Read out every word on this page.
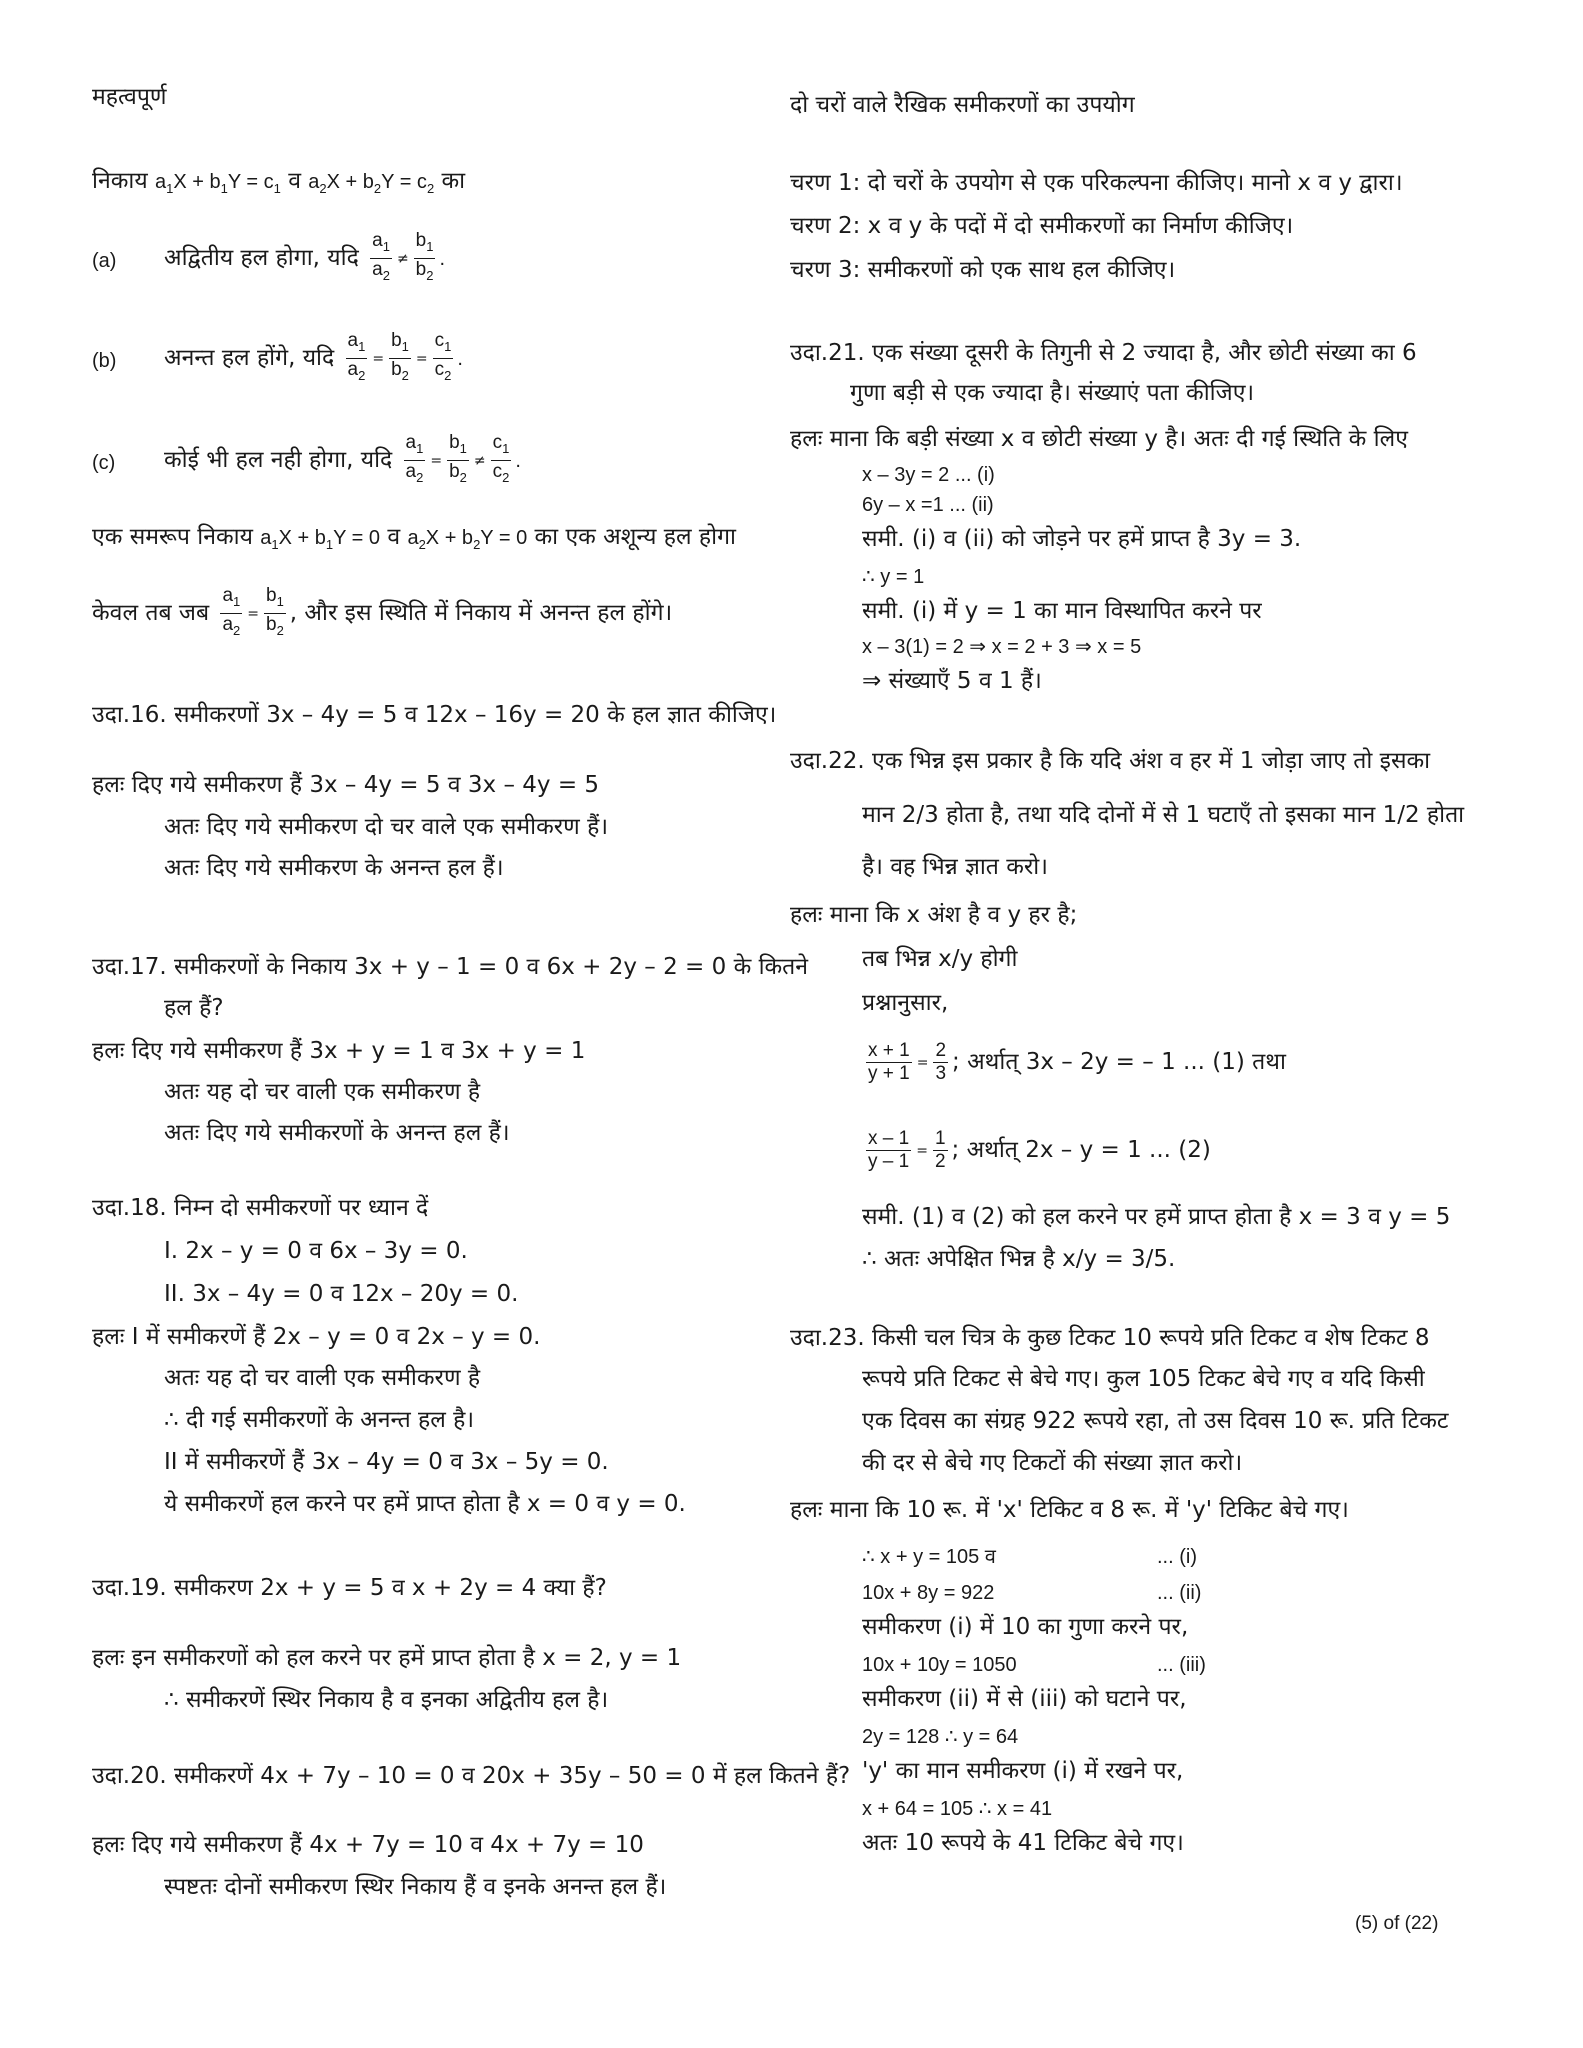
महत्वपूर्ण
निकाय $a_1X + b_1Y = c_1$ व $a_2X + b_2Y = c_2$ का
(a) अद्वितीय हल होगा, यदि $\frac{a_1}{a_2} \ne \frac{b_1}{b_2}$ .
(b) अनन्त हल होंगे, यदि $\frac{a_1}{a_2} = \frac{b_1}{b_2} = \frac{c_1}{c_2}$ .
(c) कोई भी हल नही होगा, यदि $\frac{a_1}{a_2} = \frac{b_1}{b_2} \ne \frac{c_1}{c_2}$ .
एक समरूप निकाय $a_1X + b_1Y = 0$ व $a_2X + b_2Y = 0$ का एक अशून्य हल होगा
केवल तब जब $\frac{a_1}{a_2} = \frac{b_1}{b_2}$ , और इस स्थिति में निकाय में अनन्त हल होंगे।
उदा.16. समीकरणों 3x – 4y = 5 व 12x – 16y = 20 के हल ज्ञात कीजिए।
हलः दिए गये समीकरण हैं 3x – 4y = 5 व 3x – 4y = 5
अतः दिए गये समीकरण दो चर वाले एक समीकरण हैं।
अतः दिए गये समीकरण के अनन्त हल हैं।
उदा.17. समीकरणों के निकाय 3x + y – 1 = 0 व 6x + 2y – 2 = 0 के कितने
हल हैं?
हलः दिए गये समीकरण हैं 3x + y = 1 व 3x + y = 1
अतः यह दो चर वाली एक समीकरण है
अतः दिए गये समीकरणों के अनन्त हल हैं।
उदा.18. निम्न दो समीकरणों पर ध्यान दें
I. 2x – y = 0 व 6x – 3y = 0.
II. 3x – 4y = 0 व 12x – 20y = 0.
हलः I में समीकरणें हैं 2x – y = 0 व 2x – y = 0.
अतः यह दो चर वाली एक समीकरण है
∴ दी गई समीकरणों के अनन्त हल है।
II में समीकरणें हैं 3x – 4y = 0 व 3x – 5y = 0.
ये समीकरणें हल करने पर हमें प्राप्त होता है x = 0 व y = 0.
उदा.19. समीकरण 2x + y = 5 व x + 2y = 4 क्या हैं?
हलः इन समीकरणों को हल करने पर हमें प्राप्त होता है x = 2, y = 1
∴ समीकरणें स्थिर निकाय है व इनका अद्वितीय हल है।
उदा.20. समीकरणें 4x + 7y – 10 = 0 व 20x + 35y – 50 = 0 में हल कितने हैं?
हलः दिए गये समीकरण हैं 4x + 7y = 10 व 4x + 7y = 10
स्पष्टतः दोनों समीकरण स्थिर निकाय हैं व इनके अनन्त हल हैं।
दो चरों वाले रैखिक समीकरणों का उपयोग
चरण 1: दो चरों के उपयोग से एक परिकल्पना कीजिए। मानो x व y द्वारा।
चरण 2: x व y के पदों में दो समीकरणों का निर्माण कीजिए।
चरण 3: समीकरणों को एक साथ हल कीजिए।
उदा.21. एक संख्या दूसरी के तिगुनी से 2 ज्यादा है, और छोटी संख्या का 6
गुणा बड़ी से एक ज्यादा है। संख्याएं पता कीजिए।
हलः माना कि बड़ी संख्या x व छोटी संख्या y है। अतः दी गई स्थिति के लिए
x – 3y = 2 ... (i)
6y – x =1 ... (ii)
समी. (i) व (ii) को जोड़ने पर हमें प्राप्त है 3y = 3.
∴ y = 1
समी. (i) में y = 1 का मान विस्थापित करने पर
x – 3(1) = 2 ⇒ x = 2 + 3 ⇒ x = 5
⇒ संख्याएँ 5 व 1 हैं।
उदा.22. एक भिन्न इस प्रकार है कि यदि अंश व हर में 1 जोड़ा जाए तो इसका
मान 2/3 होता है, तथा यदि दोनों में से 1 घटाएँ तो इसका मान 1/2 होता
है। वह भिन्न ज्ञात करो।
हलः माना कि x अंश है व y हर है;
तब भिन्न x/y होगी
प्रश्नानुसार,
$\frac{x + 1}{y + 1} = \frac{2}{3}$ ; अर्थात् 3x – 2y = – 1 ... (1) तथा
$\frac{x - 1}{y - 1} = \frac{1}{2}$ ; अर्थात् 2x – y = 1 ... (2)
समी. (1) व (2) को हल करने पर हमें प्राप्त होता है x = 3 व y = 5
∴ अतः अपेक्षित भिन्न है x/y = 3/5.
उदा.23. किसी चल चित्र के कुछ टिकट 10 रूपये प्रति टिकट व शेष टिकट 8
रूपये प्रति टिकट से बेचे गए। कुल 105 टिकट बेचे गए व यदि किसी
एक दिवस का संग्रह 922 रूपये रहा, तो उस दिवस 10 रू. प्रति टिकट
की दर से बेचे गए टिकटों की संख्या ज्ञात करो।
हलः माना कि 10 रू. में 'x' टिकिट व 8 रू. में 'y' टिकिट बेचे गए।
∴ x + y = 105 व	... (i)
10x + 8y = 922	... (ii)
समीकरण (i) में 10 का गुणा करने पर,
10x + 10y = 1050	... (iii)
समीकरण (ii) में से (iii) को घटाने पर,
2y = 128 ∴ y = 64
'y' का मान समीकरण (i) में रखने पर,
x + 64 = 105 ∴ x = 41
अतः 10 रूपये के 41 टिकिट बेचे गए।
(5) of (22)
